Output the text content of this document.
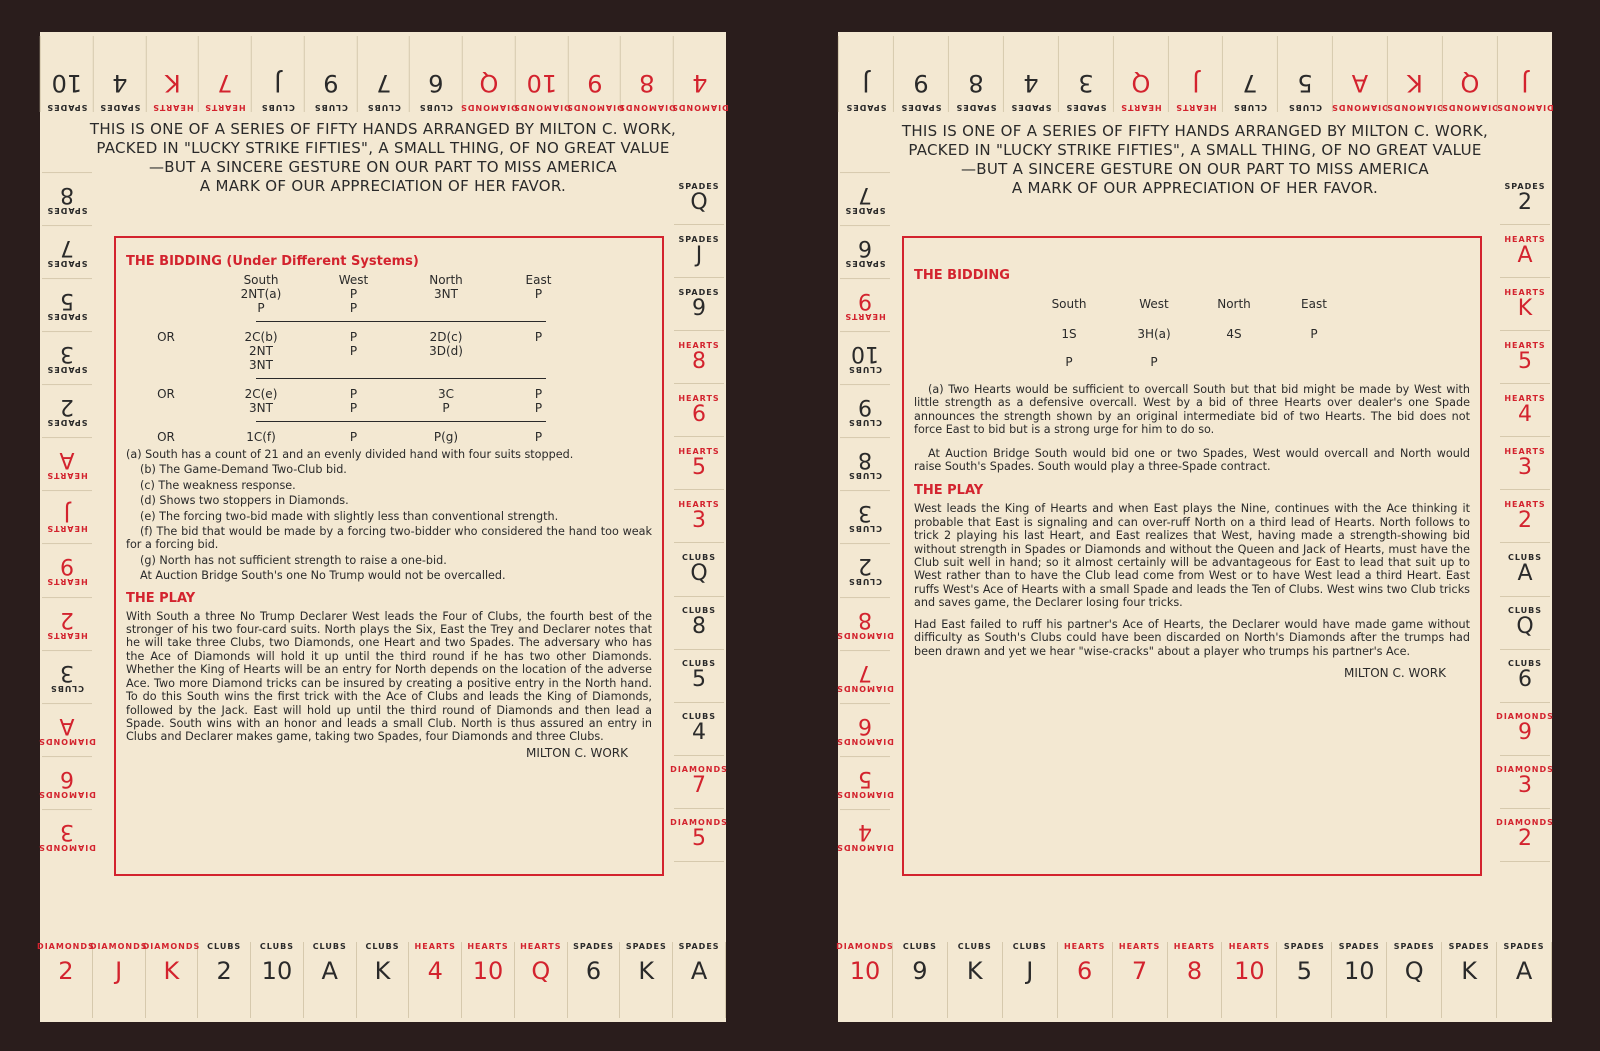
SPADES
10
SPADES
4
HEARTS
K
HEARTS
7
CLUBS
J
CLUBS
9
CLUBS
7
CLUBS
6
DIAMONDS
Q
DIAMONDS
10
DIAMONDS
9
DIAMONDS
8
DIAMONDS
4
SPADES
8
SPADES
7
SPADES
5
SPADES
3
SPADES
2
HEARTS
A
HEARTS
J
HEARTS
9
HEARTS
2
CLUBS
3
DIAMONDS
A
DIAMONDS
6
DIAMONDS
3
SPADES
Q
SPADES
J
SPADES
9
HEARTS
8
HEARTS
6
HEARTS
5
HEARTS
3
CLUBS
Q
CLUBS
8
CLUBS
5
CLUBS
4
DIAMONDS
7
DIAMONDS
5
DIAMONDS
2
DIAMONDS
J
DIAMONDS
K
CLUBS
2
CLUBS
10
CLUBS
A
CLUBS
K
HEARTS
4
HEARTS
10
HEARTS
Q
SPADES
6
SPADES
K
SPADES
A
THIS IS ONE OF A SERIES OF FIFTY HANDS ARRANGED BY MILTON C. WORK,
PACKED IN "LUCKY STRIKE FIFTIES", A SMALL THING, OF NO GREAT VALUE
—BUT A SINCERE GESTURE ON OUR PART TO MISS AMERICA
A MARK OF OUR APPRECIATION OF HER FAVOR.
THE BIDDING (Under Different Systems)
South	West	North	East
2NT(a)	P	3NT	P
P	P
OR	2C(b)	P	2D(c)	P
2NT	P	3D(d)
3NT
OR	2C(e)	P	3C	P
3NT	P	P	P
OR	1C(f)	P	P(g)	P

(a) South has a count of 21 and an evenly divided hand with four suits stopped.

(b) The Game-Demand Two-Club bid.

(c) The weakness response.

(d) Shows two stoppers in Diamonds.

(e) The forcing two-bid made with slightly less than conventional strength.

(f) The bid that would be made by a forcing two-bidder who considered the hand too weak for a forcing bid.

(g) North has not sufficient strength to raise a one-bid.

At Auction Bridge South's one No Trump would not be overcalled.

THE PLAY

With South a three No Trump Declarer West leads the Four of Clubs, the fourth best of the stronger of his two four-card suits. North plays the Six, East the Trey and Declarer notes that he will take three Clubs, two Diamonds, one Heart and two Spades. The adversary who has the Ace of Diamonds will hold it up until the third round if he has two other Diamonds. Whether the King of Hearts will be an entry for North depends on the location of the adverse Ace. Two more Diamond tricks can be insured by creating a positive entry in the North hand. To do this South wins the first trick with the Ace of Clubs and leads the King of Diamonds, followed by the Jack. East will hold up until the third round of Diamonds and then lead a Spade. South wins with an honor and leads a small Club. North is thus assured an entry in Clubs and Declarer makes game, taking two Spades, four Diamonds and three Clubs.

MILTON C. WORK
SPADES
J
SPADES
9
SPADES
8
SPADES
4
SPADES
3
HEARTS
Q
HEARTS
J
CLUBS
7
CLUBS
5
DIAMONDS
A
DIAMONDS
K
DIAMONDS
Q
DIAMONDS
J
SPADES
7
SPADES
6
HEARTS
9
CLUBS
10
CLUBS
9
CLUBS
8
CLUBS
3
CLUBS
2
DIAMONDS
8
DIAMONDS
7
DIAMONDS
6
DIAMONDS
5
DIAMONDS
4
SPADES
2
HEARTS
A
HEARTS
K
HEARTS
5
HEARTS
4
HEARTS
3
HEARTS
2
CLUBS
A
CLUBS
Q
CLUBS
6
DIAMONDS
9
DIAMONDS
3
DIAMONDS
2
DIAMONDS
10
CLUBS
9
CLUBS
K
CLUBS
J
HEARTS
6
HEARTS
7
HEARTS
8
HEARTS
10
SPADES
5
SPADES
10
SPADES
Q
SPADES
K
SPADES
A
THIS IS ONE OF A SERIES OF FIFTY HANDS ARRANGED BY MILTON C. WORK,
PACKED IN "LUCKY STRIKE FIFTIES", A SMALL THING, OF NO GREAT VALUE
—BUT A SINCERE GESTURE ON OUR PART TO MISS AMERICA
A MARK OF OUR APPRECIATION OF HER FAVOR.
THE BIDDING
South	West	North	East
1S	3H(a)	4S	P
P	P

(a) Two Hearts would be sufficient to overcall South but that bid might be made by West with little strength as a defensive overcall. West by a bid of three Hearts over dealer's one Spade announces the strength shown by an original intermediate bid of two Hearts. The bid does not force East to bid but is a strong urge for him to do so.

At Auction Bridge South would bid one or two Spades, West would overcall and North would raise South's Spades. South would play a three-Spade contract.

THE PLAY

West leads the King of Hearts and when East plays the Nine, continues with the Ace thinking it probable that East is signaling and can over-ruff North on a third lead of Hearts. North follows to trick 2 playing his last Heart, and East realizes that West, having made a strength-showing bid without strength in Spades or Diamonds and without the Queen and Jack of Hearts, must have the Club suit well in hand; so it almost certainly will be advantageous for East to lead that suit up to West rather than to have the Club lead come from West or to have West lead a third Heart. East ruffs West's Ace of Hearts with a small Spade and leads the Ten of Clubs. West wins two Club tricks and saves game, the Declarer losing four tricks.

Had East failed to ruff his partner's Ace of Hearts, the Declarer would have made game without difficulty as South's Clubs could have been discarded on North's Diamonds after the trumps had been drawn and yet we hear "wise-cracks" about a player who trumps his partner's Ace.

MILTON C. WORK
